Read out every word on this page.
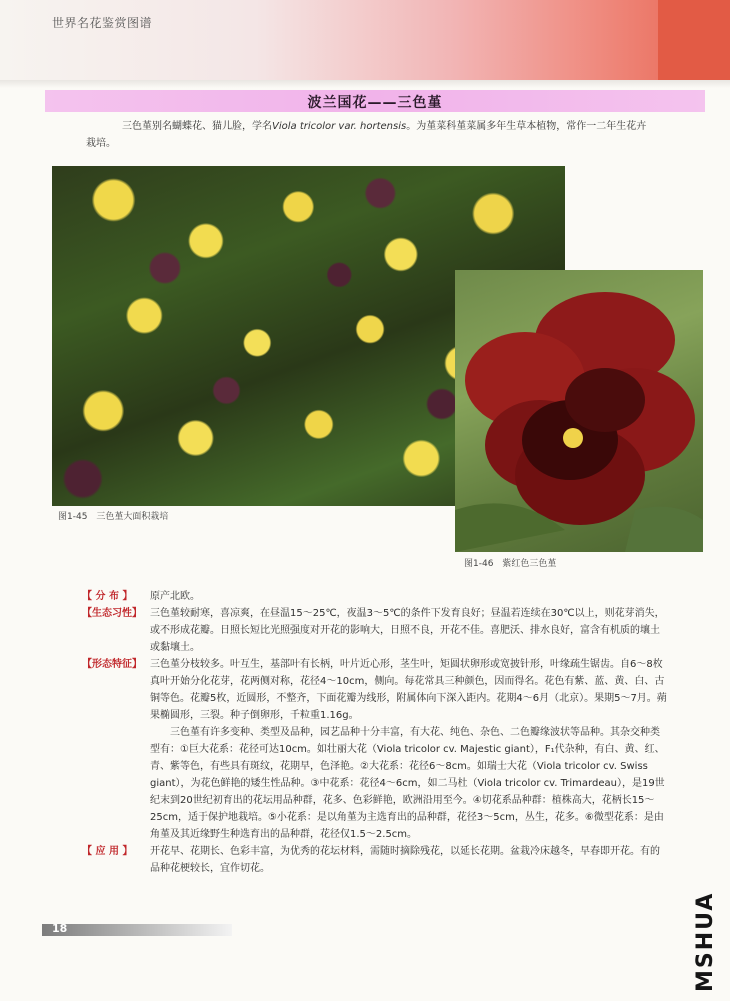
世界名花鉴赏图谱
波兰国花——三色堇
三色堇别名蝴蝶花、猫儿脸，学名Viola tricolor var. hortensis。为堇菜科堇菜属多年生草本植物，常作一二年生花卉
栽培。
图1-45　三色堇大面积栽培
图1-46　紫红色三色堇
【 分 布 】	原产北欧。
【生态习性】 三色堇较耐寒，喜凉爽，在昼温15～25℃，夜温3～5℃的条件下发育良好；昼温若连续在30℃以上，则花芽消失，或不形成花瓣。日照长短比光照强度对开花的影响大，日照不良，开花不佳。喜肥沃、排水良好，富含有机质的壤土或黏壤土。
【形态特征】 三色堇分枝较多。叶互生，基部叶有长柄，叶片近心形，茎生叶，矩圆状卵形或宽披针形，叶缘疏生锯齿。自6～8枚真叶开始分化花芽，花两侧对称，花径4～10cm，侧向。每花常具三种颜色，因而得名。花色有紫、蓝、黄、白、古铜等色。花瓣5枚，近圆形，不整齐，下面花瓣为线形，附属体向下深入距内。花期4～6月（北京）。果期5～7月。蒴果椭圆形，三裂。种子倒卵形，千粒重1.16g。
三色堇有许多变种、类型及品种，园艺品种十分丰富，有大花、纯色、杂色、二色瓣缘波状等品种。其杂交种类型有：①巨大花系：花径可达10cm。如壮丽大花（Viola tricolor cv. Majestic giant），F₁代杂种，有白、黄、红、青、紫等色，有些具有斑纹，花期早，色泽艳。②大花系：花径6～8cm。如瑞士大花（Viola tricolor cv. Swiss giant），为花色鲜艳的矮生性品种。③中花系：花径4～6cm，如二马杜（Viola tricolor cv. Trimardeau），是19世纪末到20世纪初育出的花坛用品种群，花多、色彩鲜艳，欧洲沿用至今。④切花系品种群：植株高大，花柄长15～25cm，适于保护地栽培。⑤小花系：是以角堇为主选育出的品种群，花径3～5cm，丛生，花多。⑥微型花系：是由角堇及其近缘野生种选育出的品种群，花径仅1.5～2.5cm。
【 应 用 】	开花早、花期长、色彩丰富，为优秀的花坛材料，需随时摘除残花，以延长花期。盆栽冷床越冬，早春即开花。有的品种花梗较长，宜作切花。
18	MSHUA
